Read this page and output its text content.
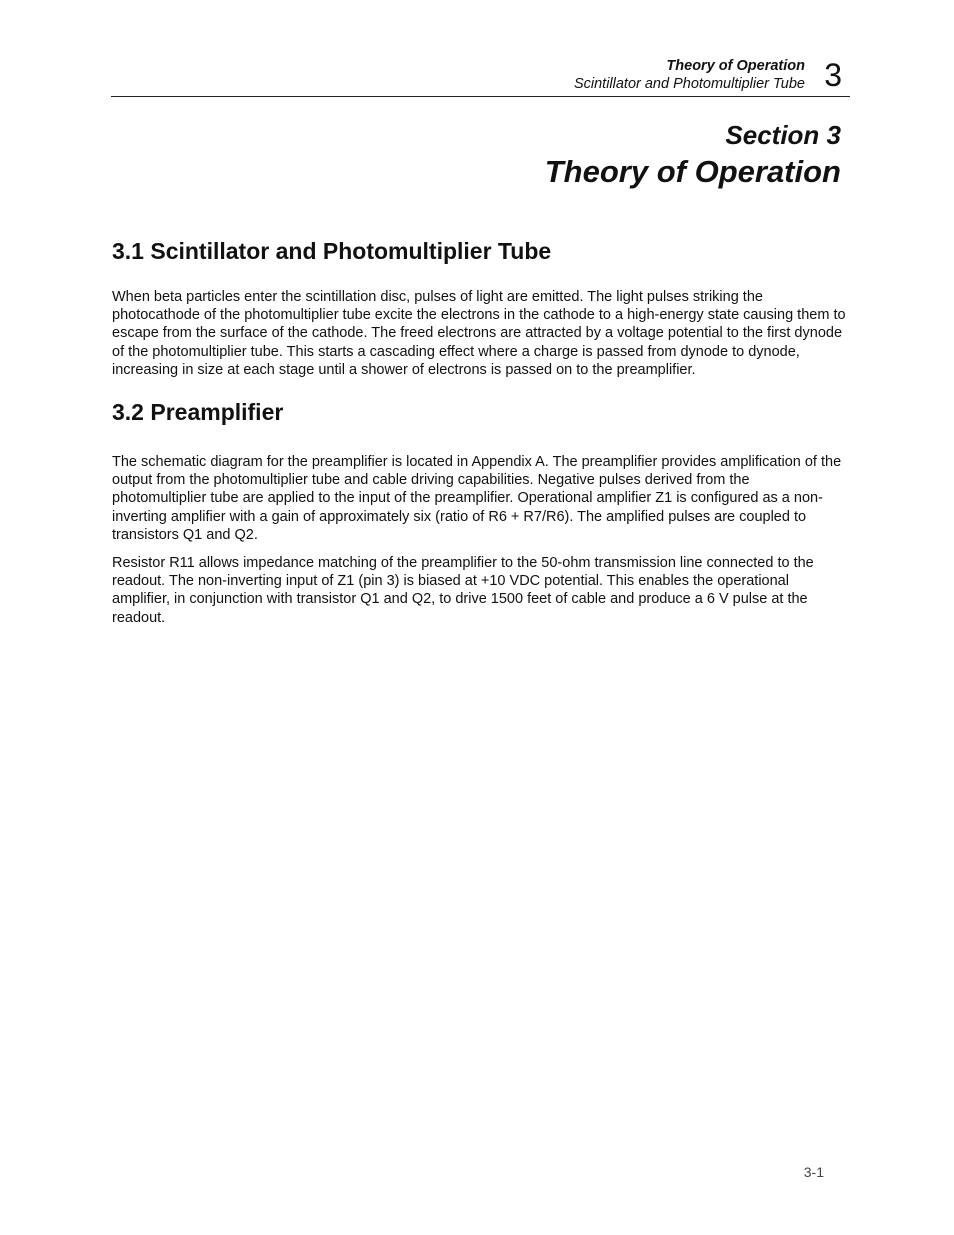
Theory of Operation
Scintillator and Photomultiplier Tube 3
Section 3
Theory of Operation
3.1 Scintillator and Photomultiplier Tube

When beta particles enter the scintillation disc, pulses of light are emitted. The light pulses striking the photocathode of the photomultiplier tube excite the electrons in the cathode to a high-energy state causing them to escape from the surface of the cathode. The freed electrons are attracted by a voltage potential to the first dynode of the photomultiplier tube. This starts a cascading effect where a charge is passed from dynode to dynode, increasing in size at each stage until a shower of electrons is passed on to the preamplifier.

3.2 Preamplifier

The schematic diagram for the preamplifier is located in Appendix A. The preamplifier provides amplification of the output from the photomultiplier tube and cable driving capabilities. Negative pulses derived from the photomultiplier tube are applied to the input of the preamplifier. Operational amplifier Z1 is configured as a non-inverting amplifier with a gain of approximately six (ratio of R6 + R7/R6). The amplified pulses are coupled to transistors Q1 and Q2.

Resistor R11 allows impedance matching of the preamplifier to the 50-ohm transmission line connected to the readout. The non-inverting input of Z1 (pin 3) is biased at +10 VDC potential. This enables the operational amplifier, in conjunction with transistor Q1 and Q2, to drive 1500 feet of cable and produce a 6 V pulse at the readout.

3-1
